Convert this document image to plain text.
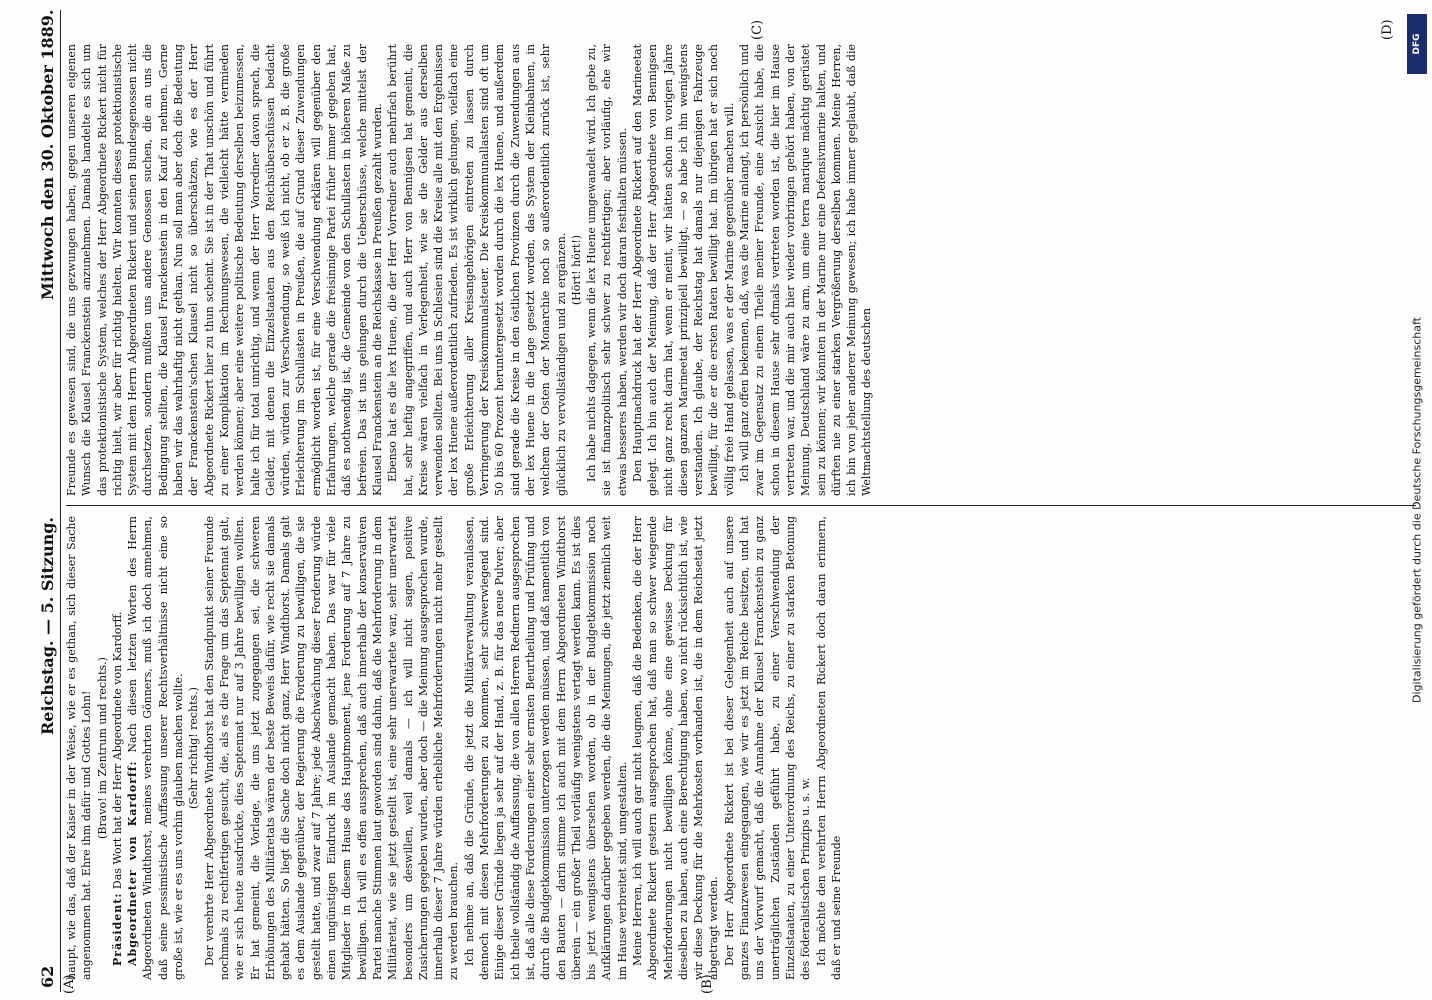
62
Reichstag. — 5. Sitzung.
Mittwoch den 30. Oktober 1889.
(A)	(B)
(C)	(D)

haupt, wie das, daß der Kaiser in der Weise, wie er es gethan, sich dieser Sache angenommen hat. Ehre ihm dafür und Gottes Lohn! (Bravo! im Zentrum und rechts.)

Präsident: Das Wort hat der Herr Abgeordnete von Kardorff. Abgeordneter von Kardorff: Nach diesen letzten Worten des Herrn Abgeordneten Windthorst, meines verehrten Gönners, muß ich doch annehmen, daß seine pessimistische Auffassung unserer Rechtsverhältnisse nicht eine so große ist, wie er es uns vorhin glauben machen wollte. (Sehr richtig! rechts.) Der verehrte Herr Abgeordnete Windthorst hat den Standpunkt seiner Freunde nochmals zu rechtfertigen gesucht, die, als es die Frage um das Septennat galt, wie er sich heute ausdrückte, dies Septennat nur auf 3 Jahre bewilligen wollten. Er hat gemeint, die Vorlage, die uns jetzt zugegangen sei, die schweren Erhöhungen des Militäretats wären der beste Beweis dafür, wie recht sie damals gehabt hätten. So liegt die Sache doch nicht ganz, Herr Windthorst. Damals galt es dem Auslande gegenüber, der Regierung die Forderung zu bewilligen, die sie gestellt hatte, und zwar auf 7 Jahre; jede Abschwächung dieser Forderung würde einen ungünstigen Eindruck im Auslande gemacht haben. Das war für viele Mitglieder in diesem Hause das Hauptmoment, jene Forderung auf 7 Jahre zu bewilligen. Ich will es offen aussprechen, daß auch innerhalb der konservativen Partei manche Stimmen laut geworden sind dahin, daß die Mehrforderung in dem Militäretat, wie sie jetzt gestellt ist, eine sehr unerwartete war, sehr unerwartet besonders um deswillen, weil damals — ich will nicht sagen, positive Zusicherungen gegeben wurden, aber doch — die Meinung ausgesprochen wurde, innerhalb dieser 7 Jahre würden erhebliche Mehrforderungen nicht mehr gestellt zu werden brauchen. Ich nehme an, daß die Gründe, die jetzt die Militärverwaltung veranlassen, dennoch mit diesen Mehrforderungen zu kommen, sehr schwerwiegend sind. Einige dieser Gründe liegen ja sehr auf der Hand, z. B. für das neue Pulver; aber ich theile vollständig die Auffassung, die von allen Herren Rednern ausgesprochen ist, daß alle diese Forderungen einer sehr ernsten Beurtheilung und Prüfung und durch die Budgetkommission unterzogen werden müssen, und daß namentlich von den Bauten — darin stimme ich auch mit dem Herrn Abgeordneten Windthorst überein — ein großer Theil vorläufig wenigstens vertagt werden kann. Es ist dies bis jetzt wenigstens übersehen worden, ob in der Budgetkommission noch Aufklärungen darüber gegeben werden, die die Meinungen, die jetzt ziemlich weit im Hause verbreitet sind, umgestalten. Meine Herren, ich will auch gar nicht leugnen, daß die Bedenken, die der Herr Abgeordnete Rickert gestern ausgesprochen hat, daß man so schwer wiegende Mehrforderungen nicht bewilligen könne, ohne eine gewisse Deckung für dieselben zu haben, auch eine Berechtigung haben, wo nicht rücksichtlich ist, wie wir diese Deckung für die Mehrkosten vorhanden ist, die in dem Reichsetat jetzt abgetragt werden. Der Herr Abgeordnete Rickert ist bei dieser Gelegenheit auch auf unsere ganzes Finanzwesen eingegangen, wie wir es jetzt im Reiche besitzen, und hat uns der Vorwurf gemacht, daß die Annahme der Klausel Franckenstein zu ganz unerträglichen Zuständen geführt habe, zu einer Verschwendung der Einzelstaaten, zu einer Unterordnung des Reichs, zu einer zu starken Betonung des föderalistischen Prinzips u. s. w. Ich möchte den verehrten Herrn Abgeordneten Rickert doch daran erinnern, daß er und seine Freunde

Freunde es gewesen sind, die uns gezwungen haben, gegen unseren eigenen Wunsch die Klausel Franckenstein anzunehmen. Damals handelte es sich um das protektionistische System, welches der Herr Abgeordnete Rickert nicht für richtig hielt, wir aber für richtig hielten. Wir konnten dieses protektionistische System mit dem Herrn Abgeordneten Rickert und seinen Bundesgenossen nicht durchsetzen, sondern mußten uns andere Genossen suchen, die an uns die Bedingung stellten, die Klausel Franckenstein in den Kauf zu nehmen. Gerne haben wir das wahrhaftig nicht gethan. Nun soll man aber doch die Bedeutung der Franckenstein'schen Klausel nicht so überschätzen, wie es der Herr Abgeordnete Rickert hier zu thun scheint. Sie ist in der That unschön und führt zu einer Komplikation im Rechnungswesen, die vielleicht hätte vermieden werden können; aber eine weitere politische Bedeutung derselben beizumessen, halte ich für total unrichtig, und wenn der Herr Vorredner davon sprach, die Gelder, mit denen die Einzelstaaten aus den Reichsüberschüssen bedacht würden, würden zur Verschwendung, so weiß ich nicht, ob er z. B. die große Erleichterung im Schullasten in Preußen, die auf Grund dieser Zuwendungen ermöglicht worden ist, für eine Verschwendung erklären will gegenüber den Erfahrungen, welche gerade die freisinnige Partei früher immer gegeben hat, daß es nothwendig ist, die Gemeinde von den Schullasten in höheren Maße zu befreien. Das ist uns gelungen durch die Ueberschüsse, welche mittelst der Klausel Franckenstein an die Reichskasse in Preußen gezahlt wurden. Ebenso hat es die lex Huene, die der Herr Vorredner auch mehrfach berührt hat, sehr heftig angegriffen, und auch Herr von Bennigsen hat gemeint, die Kreise wären vielfach in Verlegenheit, wie sie die Gelder aus derselben verwenden sollten. Bei uns in Schlesien sind die Kreise alle mit den Ergebnissen der lex Huene außerordentlich zufrieden. Es ist wirklich gelungen, vielfach eine große Erleichterung aller Kreisangehörigen eintreten zu lassen durch Verringerung der Kreiskommunalsteuer. Die Kreiskommunallasten sind oft um 50 bis 60 Prozent heruntergesetzt worden durch die lex Huene, und außerdem sind gerade die Kreise in den östlichen Provinzen durch die Zuwendungen aus der lex Huene in die Lage gesetzt worden, das System der Kleinbahnen, in welchem der Osten der Monarchie noch so außerordentlich zurück ist, sehr glücklich zu vervollständigen und zu ergänzen. (Hört! hört!) Ich habe nichts dagegen, wenn die lex Huene umgewandelt wird. Ich gebe zu, sie ist finanzpolitisch sehr schwer zu rechtfertigen; aber vorläufig, ehe wir etwas besseres haben, werden wir doch daran festhalten müssen. Den Hauptnachdruck hat der Herr Abgeordnete Rickert auf den Marineetat gelegt. Ich bin auch der Meinung, daß der Herr Abgeordnete von Bennigsen nicht ganz recht darin hat, wenn er meint, wir hätten schon im vorigen Jahre diesen ganzen Marineetat prinzipiell bewilligt, — so habe ich ihn wenigstens verstanden. Ich glaube, der Reichstag hat damals nur diejenigen Fahrzeuge bewilligt, für die er die ersten Raten bewilligt hat. Im übrigen hat er sich noch völlig freie Hand gelassen, was er der Marine gegenüber machen will. Ich will ganz offen bekennen, daß, was die Marine anlangt, ich persönlich und zwar im Gegensatz zu einem Theile meiner Freunde, eine Ansicht habe, die schon in diesem Hause sehr oftmals vertreten worden ist, die hier im Hause vertreten war, und die mir auch hier wieder vorbringen gehört haben, von der Meinung, Deutschland wäre zu arm, um eine terra marique mächtig gerüstet sein zu können; wir könnten in der Marine nur eine Defensivmarine halten, und dürften nie zu einer starken Vergrößerung derselben kommen. Meine Herren, ich bin von jeher anderer Meinung gewesen; ich habe immer geglaubt, daß die Weltmachtstellung des deutschen

DFG
Digitalisierung gefördert durch die Deutsche Forschungsgemeinschaft
